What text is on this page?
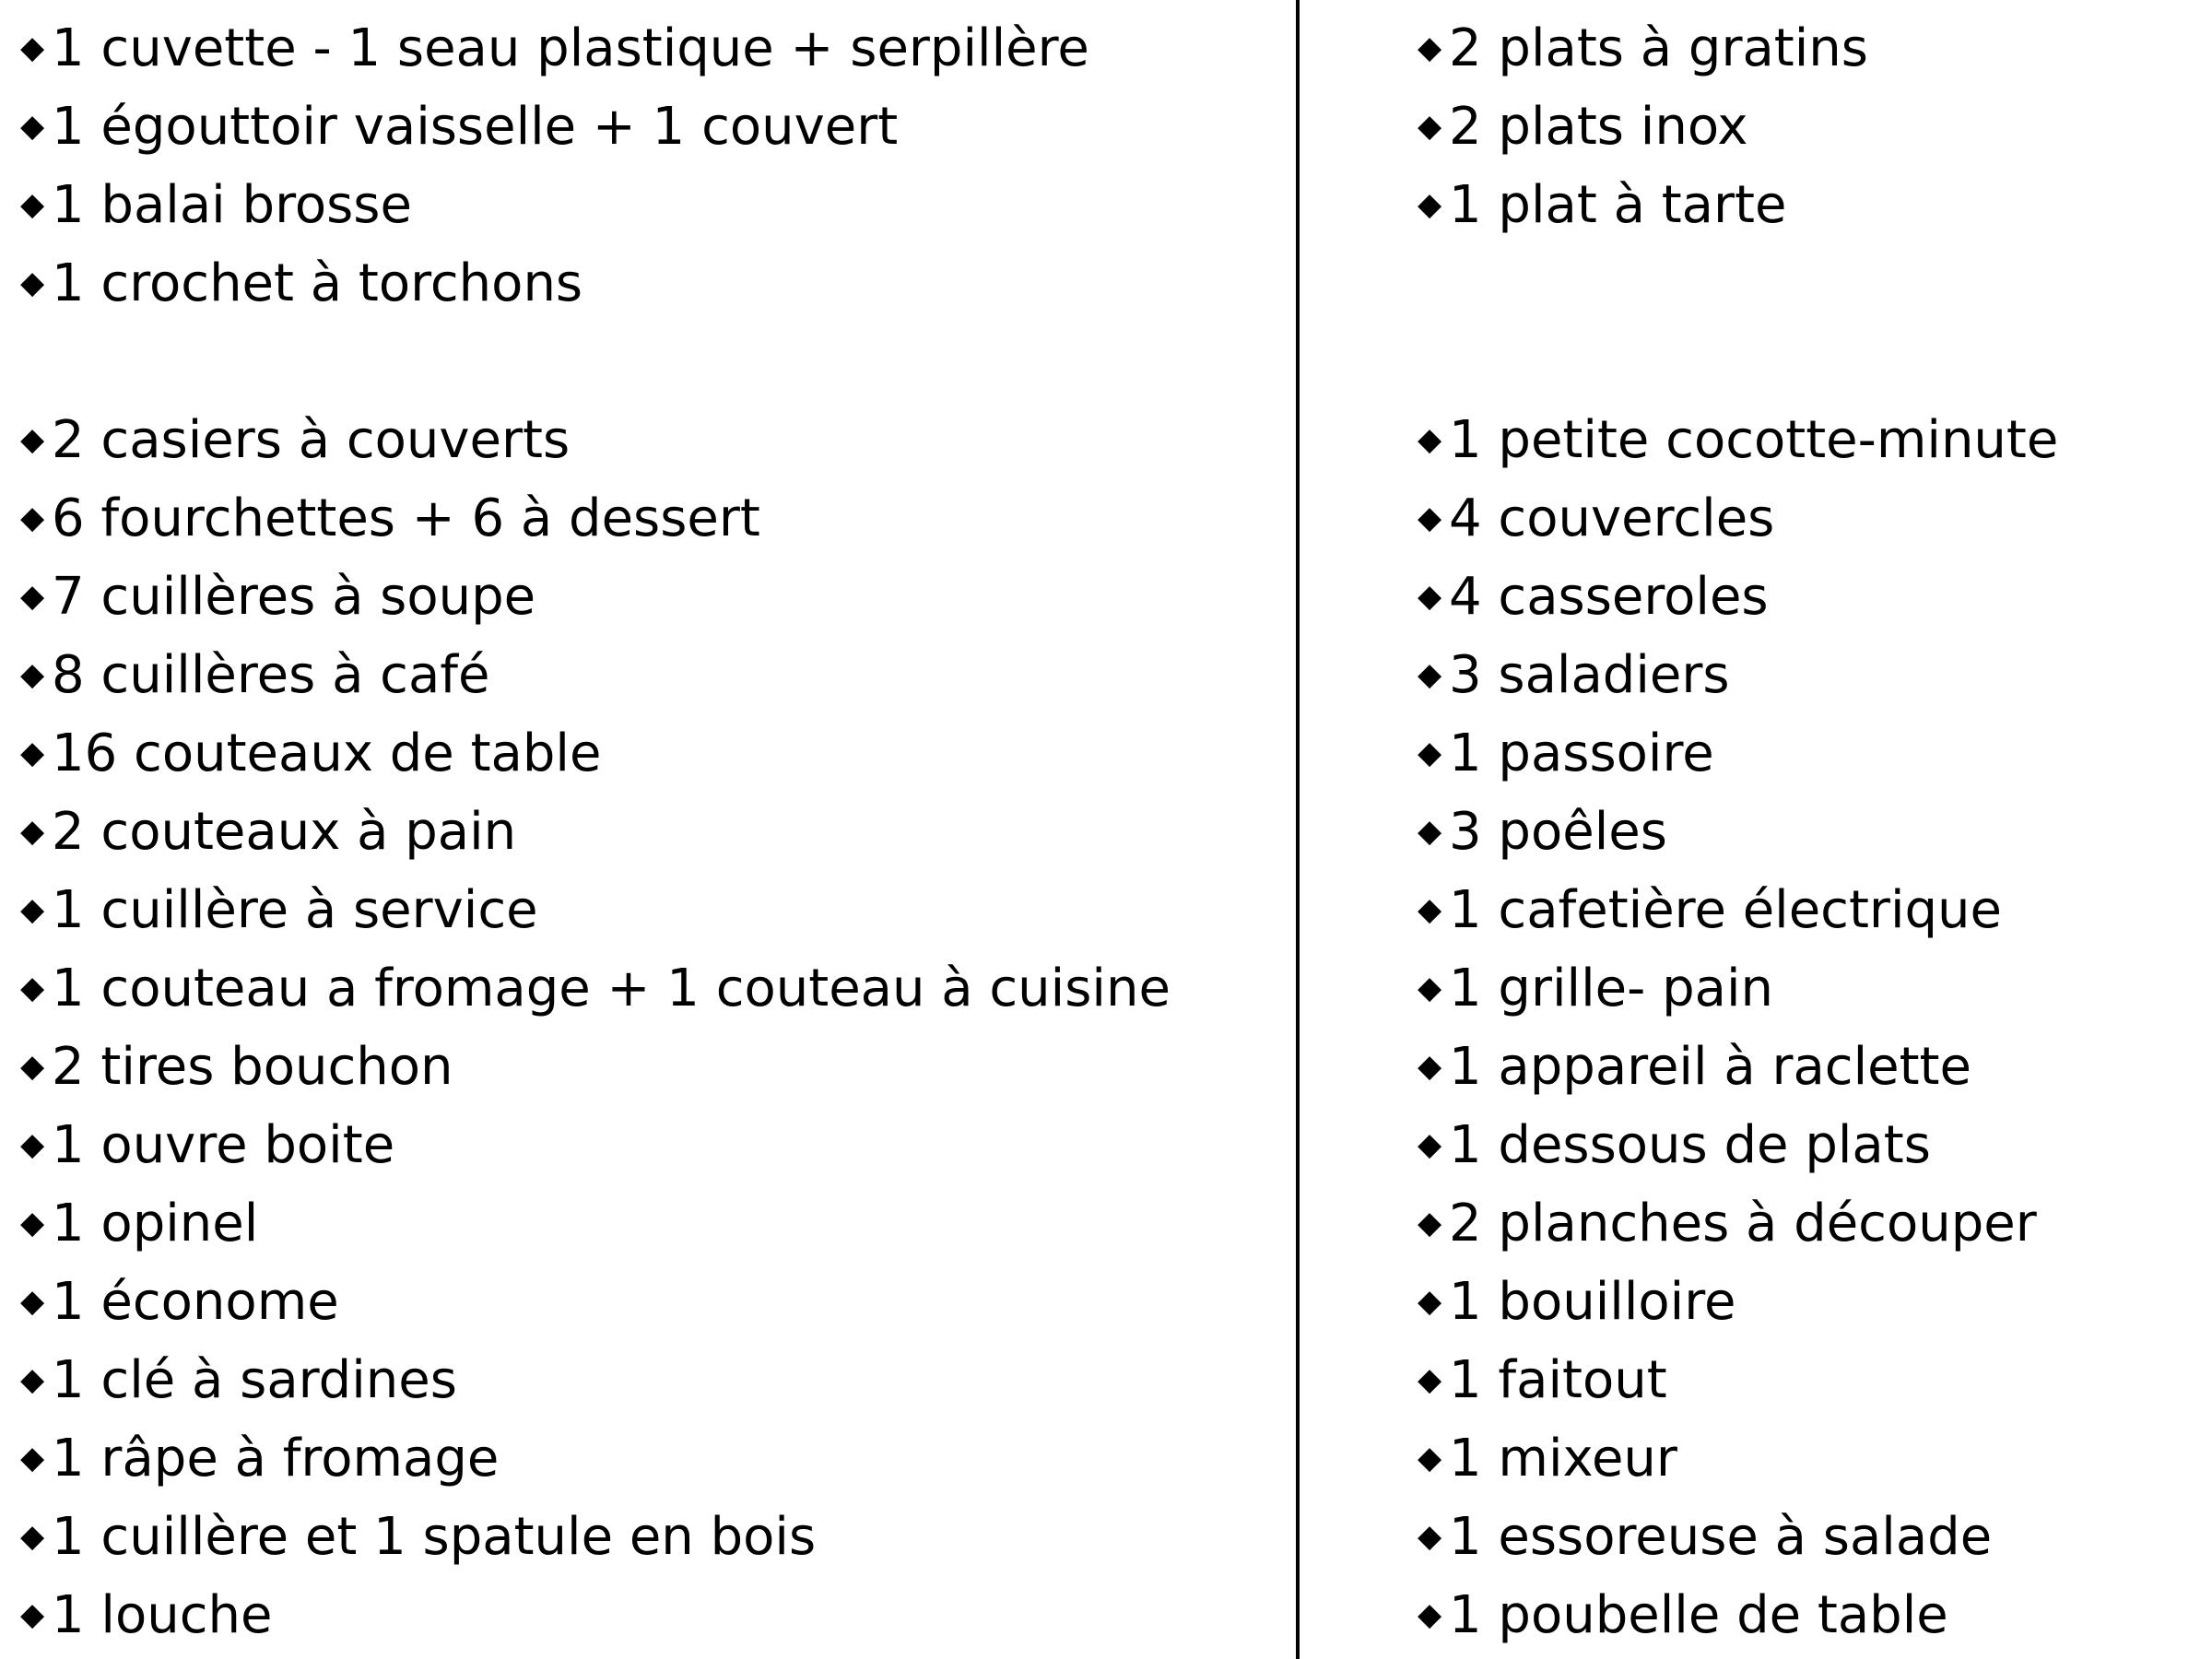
◆ 1 cuvette - 1 seau plastique + serpillère
◆ 1 égouttoir vaisselle + 1 couvert
◆ 1 balai brosse
◆ 1 crochet à torchons
◆ 2 casiers à couverts
◆ 6 fourchettes + 6 à dessert
◆ 7 cuillères à soupe
◆ 8 cuillères à café
◆ 16 couteaux de table
◆ 2 couteaux à pain
◆ 1 cuillère à service
◆ 1 couteau a fromage + 1 couteau à cuisine
◆ 2 tires bouchon
◆ 1 ouvre boite
◆ 1 opinel
◆ 1 économe
◆ 1 clé à sardines
◆ 1 râpe à fromage
◆ 1 cuillère et 1 spatule en bois
◆ 1 louche
◆ 2 plats à gratins
◆ 2 plats inox
◆ 1 plat à tarte
◆ 1 petite cocotte-minute
◆ 4 couvercles
◆ 4 casseroles
◆ 3 saladiers
◆ 1 passoire
◆ 3 poêles
◆ 1 cafetière électrique
◆ 1 grille- pain
◆ 1 appareil à raclette
◆ 1 dessous de plats
◆ 2 planches à découper
◆ 1 bouilloire
◆ 1 faitout
◆ 1 mixeur
◆ 1 essoreuse à salade
◆ 1 poubelle de table
